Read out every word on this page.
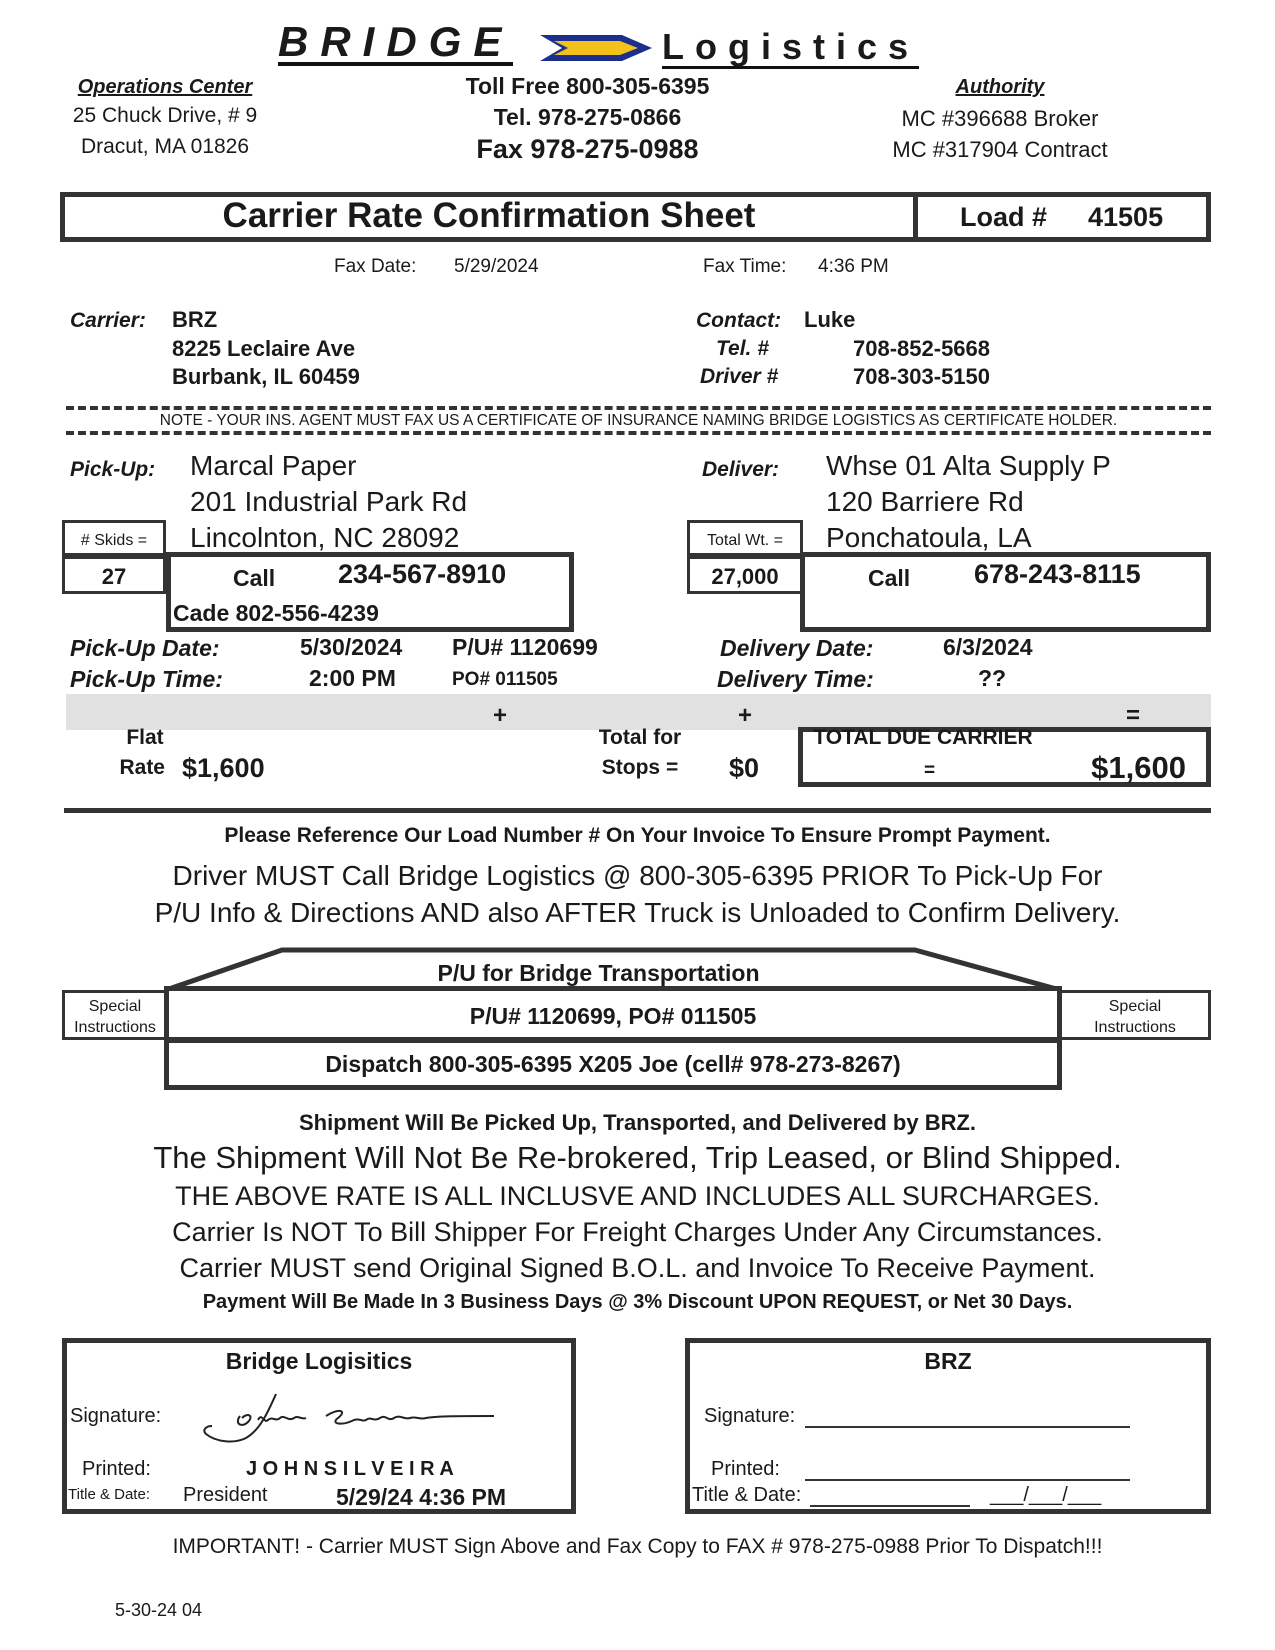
BRIDGE	Logistics
Operations Center
25 Chuck Drive, # 9
Dracut, MA 01826
Toll Free 800-305-6395
Tel. 978-275-0866
Fax 978-275-0988
Authority
MC #396688 Broker
MC #317904 Contract
Carrier Rate Confirmation Sheet	Load # 41505
Fax Date: 5/29/2024	Fax Time: 4:36 PM
Carrier: BRZ
8225 Leclaire Ave
Burbank, IL 60459
Contact: Luke
Tel. #	708-852-5668
Driver #	708-303-5150
NOTE - YOUR INS. AGENT MUST FAX US A CERTIFICATE OF INSURANCE NAMING BRIDGE LOGISTICS AS CERTIFICATE HOLDER.
Pick-Up: Marcal Paper
201 Industrial Park Rd
Lincolnton, NC 28092
# Skids =
27	Call 234-567-8910
Cade 802-556-4239
Deliver: Whse 01 Alta Supply P
120 Barriere Rd
Ponchatoula, LA
Total Wt. =
27,000	Call 678-243-8115
Pick-Up Date:	5/30/2024 P/U# 1120699
Pick-Up Time:	2:00 PM	PO# 011505
Delivery Date:	6/3/2024
Delivery Time:	??
+	+	=
Flat
Rate $1,600
Total for
Stops =	$0
TOTAL DUE CARRIER
=	$1,600
Please Reference Our Load Number # On Your Invoice To Ensure Prompt Payment.
Driver MUST Call Bridge Logistics @ 800-305-6395 PRIOR To Pick-Up For
P/U Info & Directions AND also AFTER Truck is Unloaded to Confirm Delivery.
P/U for Bridge Transportation
Special
Instructions
Special
Instructions
P/U# 1120699, PO# 011505
Dispatch 800-305-6395 X205 Joe (cell# 978-273-8267)
Shipment Will Be Picked Up, Transported, and Delivered by BRZ.
The Shipment Will Not Be Re-brokered, Trip Leased, or Blind Shipped.
THE ABOVE RATE IS ALL INCLUSVE AND INCLUDES ALL SURCHARGES.
Carrier Is NOT To Bill Shipper For Freight Charges Under Any Circumstances.
Carrier MUST send Original Signed B.O.L. and Invoice To Receive Payment.
Payment Will Be Made In 3 Business Days @ 3% Discount UPON REQUEST, or Net 30 Days.
Bridge Logisitics
Signature:
Printed:	J O H N S I L V E I R A
Title & Date: President	5/29/24 4:36 PM
BRZ
Signature:
Printed:
Title & Date:	___/___/___
IMPORTANT! - Carrier MUST Sign Above and Fax Copy to FAX # 978-275-0988 Prior To Dispatch!!!
5-30-24 04
